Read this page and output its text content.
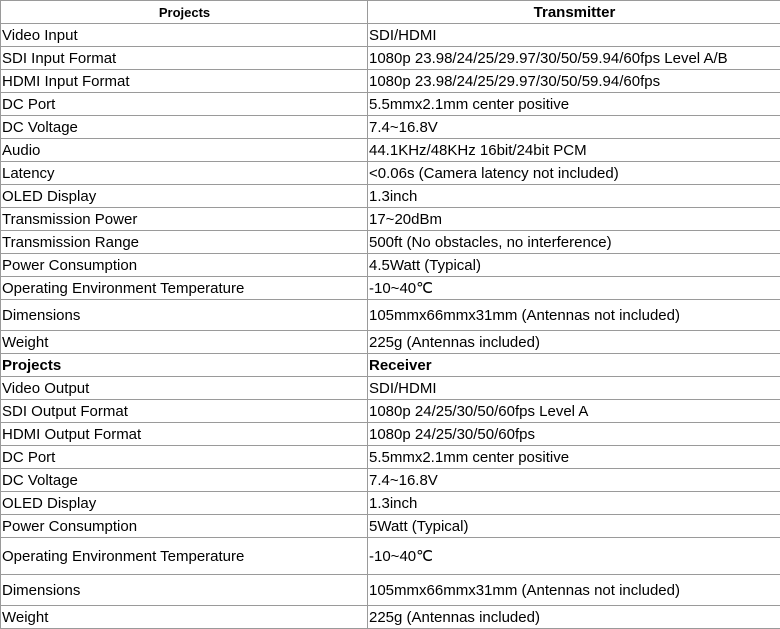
Projects	Transmitter
Video Input	SDI/HDMI
SDI Input Format	1080p 23.98/24/25/29.97/30/50/59.94/60fps Level A/B
HDMI Input Format	1080p 23.98/24/25/29.97/30/50/59.94/60fps
DC Port	5.5mmx2.1mm center positive
DC Voltage	7.4~16.8V
Audio	44.1KHz/48KHz 16bit/24bit PCM
Latency	<0.06s (Camera latency not included)
OLED Display	1.3inch
Transmission Power	17~20dBm
Transmission Range	500ft (No obstacles, no interference)
Power Consumption	4.5Watt (Typical)
Operating Environment Temperature	-10~40℃
Dimensions	105mmx66mmx31mm (Antennas not included)
Weight	225g (Antennas included)
Projects	Receiver
Video Output	SDI/HDMI
SDI Output Format	1080p 24/25/30/50/60fps Level A
HDMI Output Format	1080p 24/25/30/50/60fps
DC Port	5.5mmx2.1mm center positive
DC Voltage	7.4~16.8V
OLED Display	1.3inch
Power Consumption	5Watt (Typical)
Operating Environment Temperature	-10~40℃
Dimensions	105mmx66mmx31mm (Antennas not included)
Weight	225g (Antennas included)
